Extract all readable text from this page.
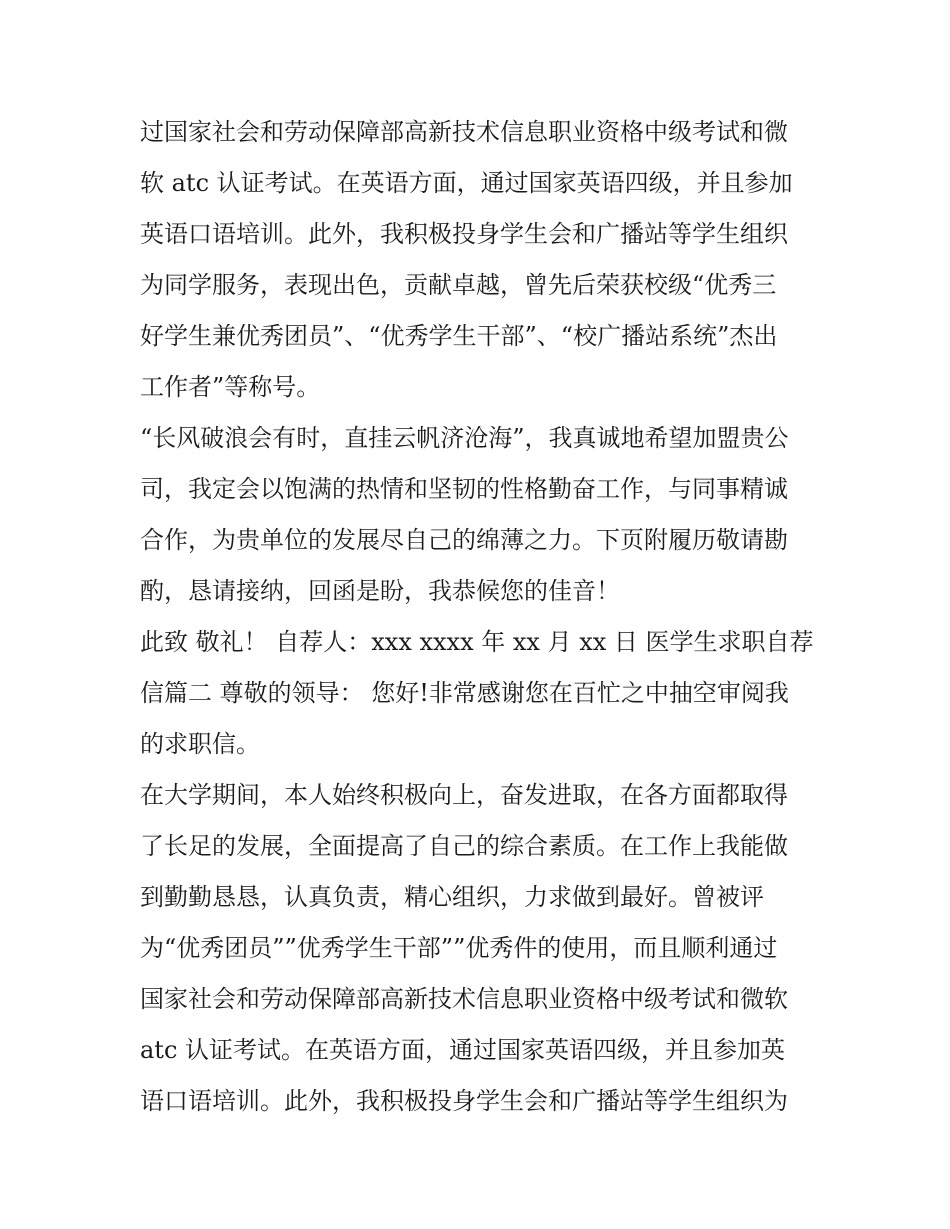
过国家社会和劳动保障部高新技术信息职业资格中级考试和微
软 atc 认证考试。在英语方面，通过国家英语四级，并且参加
英语口语培训。此外，我积极投身学生会和广播站等学生组织
为同学服务，表现出色，贡献卓越，曾先后荣获校级“优秀三
好学生兼优秀团员”、“优秀学生干部”、“校广播站系统”杰出
工作者”等称号。
“长风破浪会有时，直挂云帆济沧海”，我真诚地希望加盟贵公
司，我定会以饱满的热情和坚韧的性格勤奋工作，与同事精诚
合作，为贵单位的发展尽自己的绵薄之力。下页附履历敬请勘
酌，恳请接纳，回函是盼，我恭候您的佳音！
此致 敬礼！ 自荐人：xxx xxxx 年 xx 月 xx 日 医学生求职自荐
信篇二 尊敬的领导： 您好!非常感谢您在百忙之中抽空审阅我
的求职信。
在大学期间，本人始终积极向上，奋发进取，在各方面都取得
了长足的发展，全面提高了自己的综合素质。在工作上我能做
到勤勤恳恳，认真负责，精心组织，力求做到最好。曾被评
为“优秀团员””优秀学生干部””优秀件的使用，而且顺利通过
国家社会和劳动保障部高新技术信息职业资格中级考试和微软
atc 认证考试。在英语方面，通过国家英语四级，并且参加英
语口语培训。此外，我积极投身学生会和广播站等学生组织为
